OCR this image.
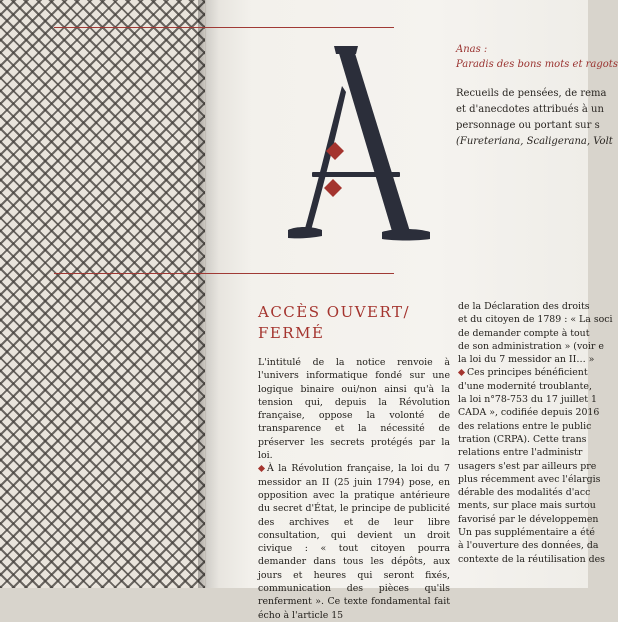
Anas :
Paradis des bons mots et ragots
Recueils de pensées, de rema
et d'anecdotes attribués à un
personnage ou portant sur s
(Fureteriana, Scaligerana, Volt
ACCÈS OUVERT/
FERMÉ

L'intitulé de la notice renvoie à l'univers informatique fondé sur une logique binaire oui/non ainsi qu'à la tension qui, depuis la Révolution française, oppose la volonté de transparence et la nécessité de préserver les secrets protégés par la loi.

À la Révolution française, la loi du 7 messidor an II (25 juin 1794) pose, en opposition avec la pratique antérieure du secret d'État, le principe de publicité des archives et de leur libre consultation, qui devient un droit civique : « tout citoyen pourra demander dans tous les dépôts, aux jours et heures qui seront fixés, communication des pièces qu'ils renferment ». Ce texte fondamental fait écho à l'article 15

de la Déclaration des droits
et du citoyen de 1789 : « La soci
de demander compte à tout
de son administration » (voir e
la loi du 7 messidor an II… »
Ces principes bénéficient
d'une modernité troublante,
la loi n°78-753 du 17 juillet 1
CADA », codifiée depuis 2016
des relations entre le public
tration (CRPA). Cette trans
relations entre l'administr
usagers s'est par ailleurs pre
plus récemment avec l'élargis
dérable des modalités d'acc
ments, sur place mais surtou
favorisé par le développemen
Un pas supplémentaire a été
à l'ouverture des données, da
contexte de la réutilisation des
